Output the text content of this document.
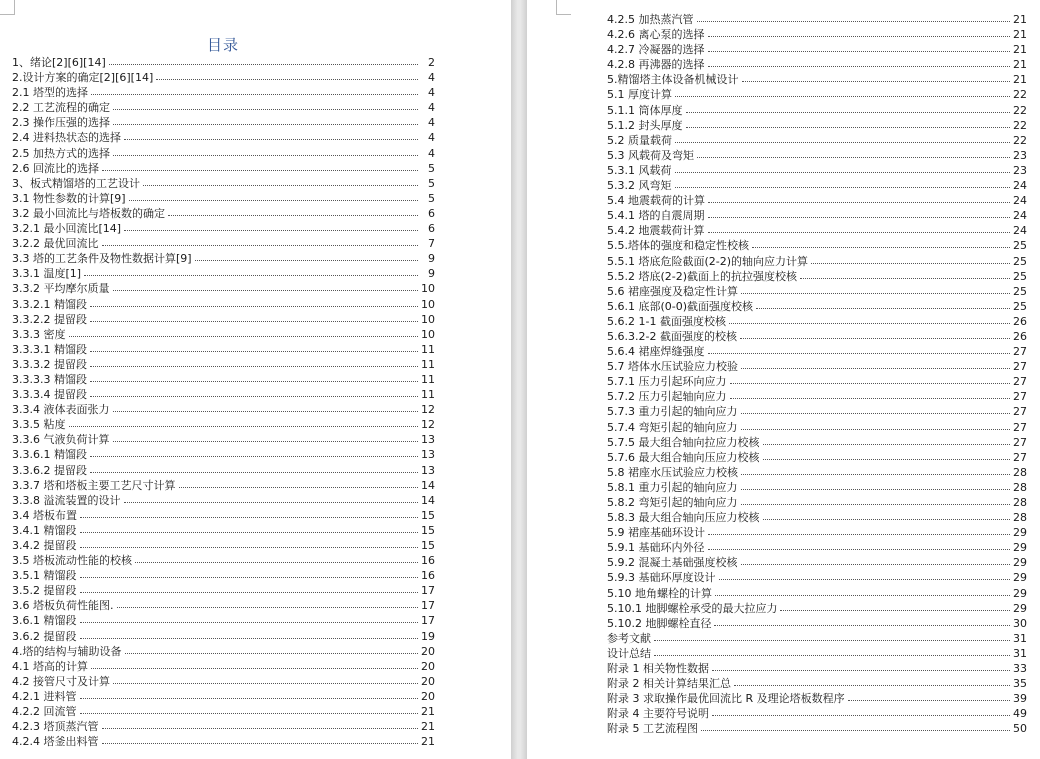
目录
1、绪论[2][6][14]	2
2.设计方案的确定[2][6][14]	4
2.1 塔型的选择	4
2.2 工艺流程的确定	4
2.3 操作压强的选择	4
2.4 进料热状态的选择	4
2.5 加热方式的选择	4
2.6 回流比的选择	5
3、板式精馏塔的工艺设计	5
3.1 物性参数的计算[9]	5
3.2 最小回流比与塔板数的确定	6
3.2.1 最小回流比[14]	6
3.2.2 最优回流比	7
3.3 塔的工艺条件及物性数据计算[9]	9
3.3.1 温度[1]	9
3.3.2 平均摩尔质量	10
3.3.2.1 精馏段	10
3.3.2.2 提留段	10
3.3.3 密度	10
3.3.3.1 精馏段	11
3.3.3.2 提留段	11
3.3.3.3 精馏段	11
3.3.3.4 提留段	11
3.3.4 液体表面张力	12
3.3.5 粘度	12
3.3.6 气液负荷计算	13
3.3.6.1 精馏段	13
3.3.6.2 提留段	13
3.3.7 塔和塔板主要工艺尺寸计算	14
3.3.8 溢流装置的设计	14
3.4 塔板布置	15
3.4.1 精馏段	15
3.4.2 提留段	15
3.5 塔板流动性能的校核	16
3.5.1 精馏段	16
3.5.2 提留段	17
3.6 塔板负荷性能图.	17
3.6.1 精馏段	17
3.6.2 提留段	19
4.塔的结构与辅助设备	20
4.1 塔高的计算	20
4.2 接管尺寸及计算	20
4.2.1 进料管	20
4.2.2 回流管	21
4.2.3 塔顶蒸汽管	21
4.2.4 塔釜出料管	21
4.2.5 加热蒸汽管	21
4.2.6 离心泵的选择	21
4.2.7 冷凝器的选择	21
4.2.8 再沸器的选择	21
5.精馏塔主体设备机械设计	21
5.1 厚度计算	22
5.1.1 筒体厚度	22
5.1.2 封头厚度	22
5.2 质量载荷	22
5.3 风载荷及弯矩	23
5.3.1 风载荷	23
5.3.2 风弯矩	24
5.4 地震载荷的计算	24
5.4.1 塔的自震周期	24
5.4.2 地震载荷计算	24
5.5.塔体的强度和稳定性校核	25
5.5.1 塔底危险截面(2-2)的轴向应力计算	25
5.5.2 塔底(2-2)截面上的抗拉强度校核	25
5.6 裙座强度及稳定性计算	25
5.6.1 底部(0-0)截面强度校核	25
5.6.2 1-1 截面强度校核	26
5.6.3.2-2 截面强度的校核	26
5.6.4 裙座焊缝强度	27
5.7 塔体水压试验应力校验	27
5.7.1 压力引起环向应力	27
5.7.2 压力引起轴向应力	27
5.7.3 重力引起的轴向应力	27
5.7.4 弯矩引起的轴向应力	27
5.7.5 最大组合轴向拉应力校核	27
5.7.6 最大组合轴向压应力校核	27
5.8 裙座水压试验应力校核	28
5.8.1 重力引起的轴向应力	28
5.8.2 弯矩引起的轴向应力	28
5.8.3 最大组合轴向压应力校核	28
5.9 裙座基础环设计	29
5.9.1 基础环内外径	29
5.9.2 混凝土基础强度校核	29
5.9.3 基础环厚度设计	29
5.10 地角螺栓的计算	29
5.10.1 地脚螺栓承受的最大拉应力	29
5.10.2 地脚螺栓直径	30
参考文献	31
设计总结	31
附录 1 相关物性数据	33
附录 2 相关计算结果汇总	35
附录 3 求取操作最优回流比 R 及理论塔板数程序	39
附录 4 主要符号说明	49
附录 5 工艺流程图	50
